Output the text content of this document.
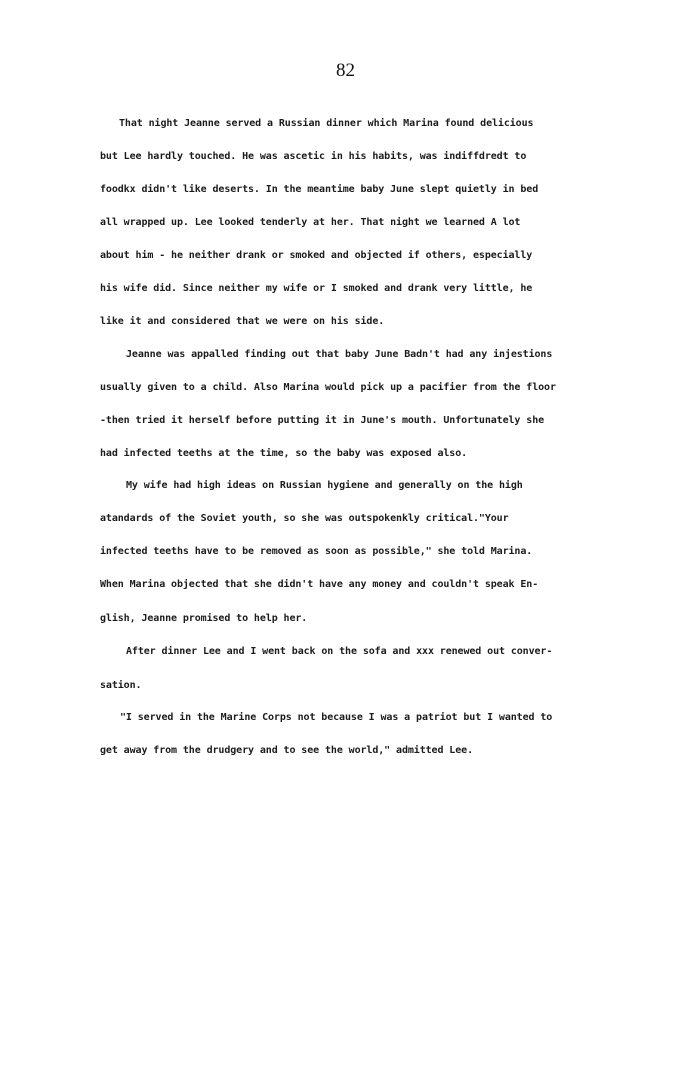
82

That night Jeanne served a Russian dinner which Marina found delicious

but Lee hardly touched. He was ascetic in his habits, was indiffdredt to

foodkx didn't like deserts. In the meantime baby June slept quietly in bed

all wrapped up. Lee looked tenderly at her. That night we learned A lot

about him - he neither drank or smoked and objected if others, especially

his wife did. Since neither my wife or I smoked and drank very little, he

like it and considered that we were on his side.

Jeanne was appalled finding out that baby June Badn't had any injestions

usually given to a child. Also Marina would pick up a pacifier from the floor

-then tried it herself before putting it in June's mouth. Unfortunately she

had infected teeths at the time, so the baby was exposed also.

My wife had high ideas on Russian hygiene and generally on the high

atandards of the Soviet youth, so she was outspokenkly critical."Your

infected teeths have to be removed as soon as possible," she told Marina.

When Marina objected that she didn't have any money and couldn't speak En-

glish, Jeanne promised to help her.

After dinner Lee and I went back on the sofa and xxx renewed out conver-

sation.

"I served in the Marine Corps not because I was a patriot but I wanted to

get away from the drudgery and to see the world," admitted Lee.
